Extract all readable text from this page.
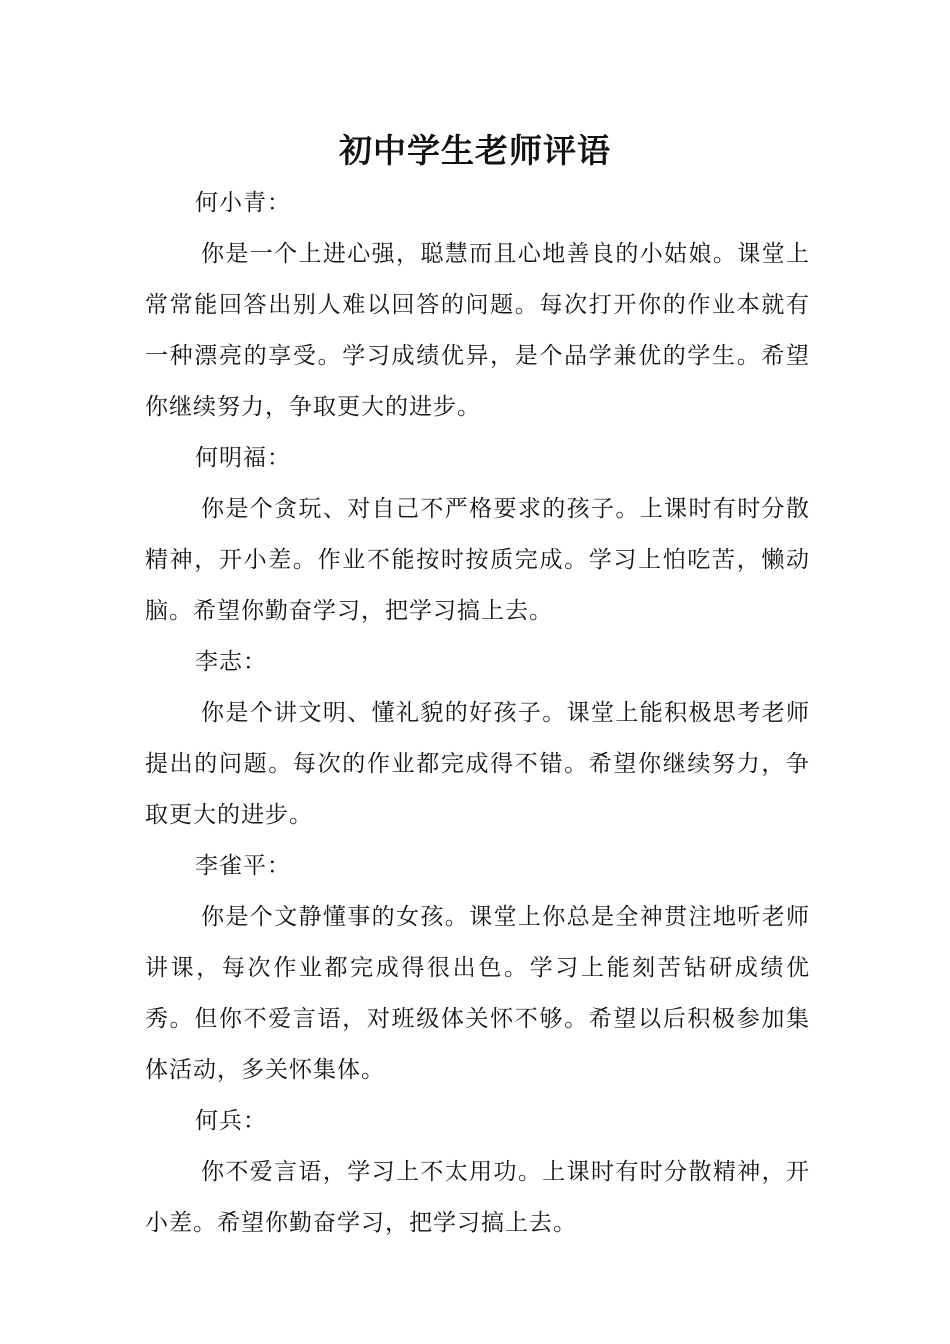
初中学生老师评语
何小青：

你是一个上进心强，聪慧而且心地善良的小姑娘。课堂上常常能回答出别人难以回答的问题。每次打开你的作业本就有一种漂亮的享受。学习成绩优异，是个品学兼优的学生。希望你继续努力，争取更大的进步。

何明福：

你是个贪玩、对自己不严格要求的孩子。上课时有时分散精神，开小差。作业不能按时按质完成。学习上怕吃苦，懒动脑。希望你勤奋学习，把学习搞上去。

李志：

你是个讲文明、懂礼貌的好孩子。课堂上能积极思考老师提出的问题。每次的作业都完成得不错。希望你继续努力，争取更大的进步。

李雀平：

你是个文静懂事的女孩。课堂上你总是全神贯注地听老师讲课，每次作业都完成得很出色。学习上能刻苦钻研成绩优秀。但你不爱言语，对班级体关怀不够。希望以后积极参加集体活动，多关怀集体。

何兵：

你不爱言语，学习上不太用功。上课时有时分散精神，开小差。希望你勤奋学习，把学习搞上去。
